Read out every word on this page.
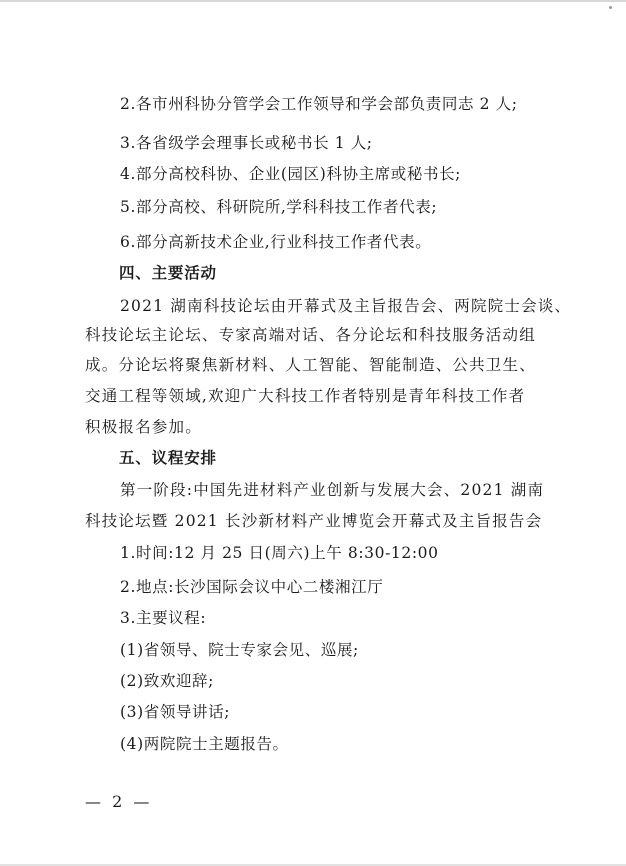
2.各市州科协分管学会工作领导和学会部负责同志 2 人;
3.各省级学会理事长或秘书长 1 人;
4.部分高校科协、企业(园区)科协主席或秘书长;
5.部分高校、科研院所,学科科技工作者代表;
6.部分高新技术企业,行业科技工作者代表。
四、主要活动
2021 湖南科技论坛由开幕式及主旨报告会、两院院士会谈、
科技论坛主论坛、专家高端对话、各分论坛和科技服务活动组
成。分论坛将聚焦新材料、人工智能、智能制造、公共卫生、
交通工程等领域,欢迎广大科技工作者特别是青年科技工作者
积极报名参加。
五、议程安排
第一阶段:中国先进材料产业创新与发展大会、2021 湖南
科技论坛暨 2021 长沙新材料产业博览会开幕式及主旨报告会
1.时间:12 月 25 日(周六)上午 8:30-12:00
2.地点:长沙国际会议中心二楼湘江厅
3.主要议程:
(1)省领导、院士专家会见、巡展;
(2)致欢迎辞;
(3)省领导讲话;
(4)两院院士主题报告。
— 2 —
